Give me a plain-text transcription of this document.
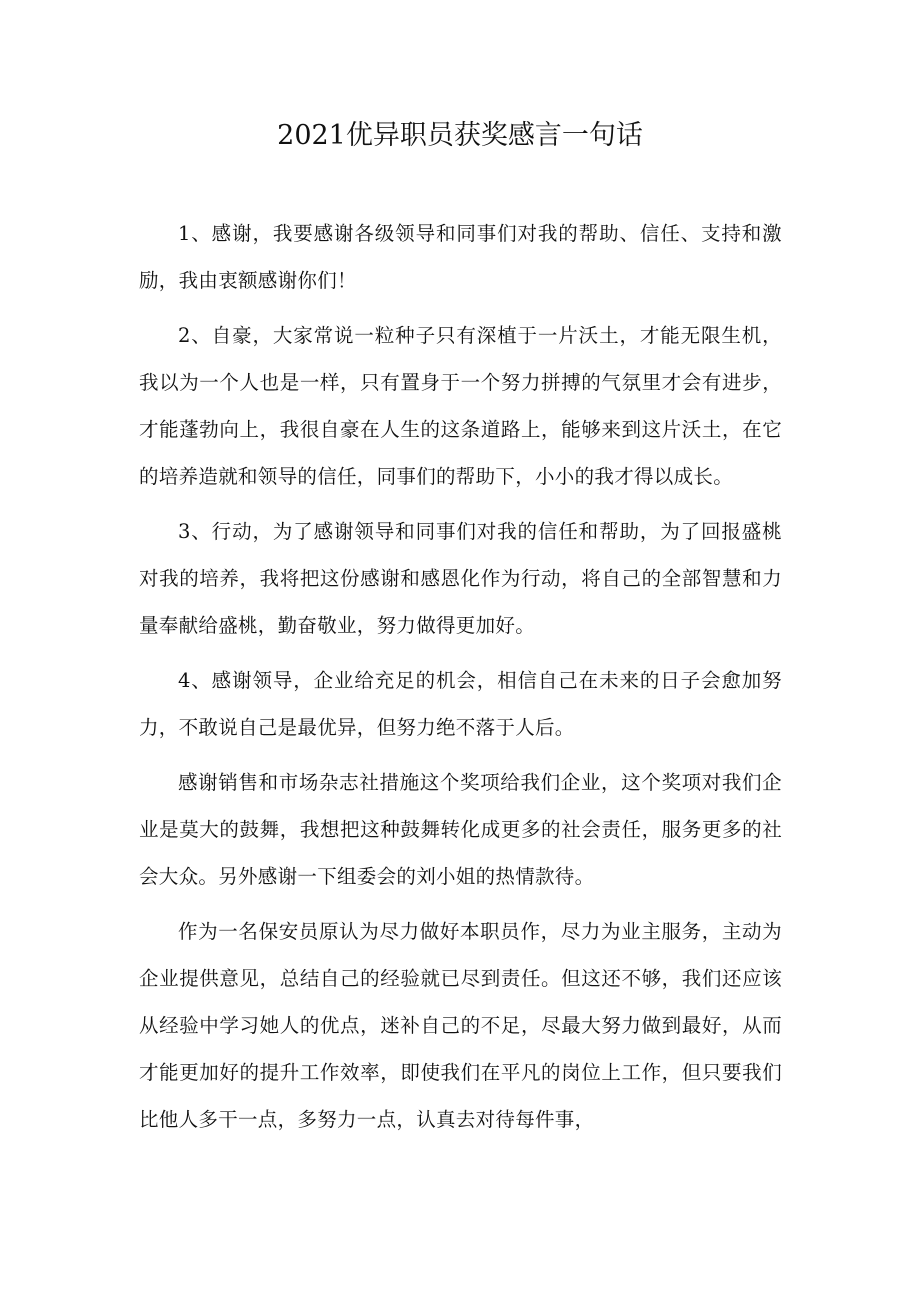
2021优异职员获奖感言一句话

1、感谢，我要感谢各级领导和同事们对我的帮助、信任、支持和激励，我由衷额感谢你们！

2、自豪，大家常说一粒种子只有深植于一片沃土，才能无限生机，我以为一个人也是一样，只有置身于一个努力拼搏的气氛里才会有进步，才能蓬勃向上，我很自豪在人生的这条道路上，能够来到这片沃土，在它的培养造就和领导的信任，同事们的帮助下，小小的我才得以成长。

3、行动，为了感谢领导和同事们对我的信任和帮助，为了回报盛桃对我的培养，我将把这份感谢和感恩化作为行动，将自己的全部智慧和力量奉献给盛桃，勤奋敬业，努力做得更加好。

4、感谢领导，企业给充足的机会，相信自己在未来的日子会愈加努力，不敢说自己是最优异，但努力绝不落于人后。

感谢销售和市场杂志社措施这个奖项给我们企业，这个奖项对我们企业是莫大的鼓舞，我想把这种鼓舞转化成更多的社会责任，服务更多的社会大众。另外感谢一下组委会的刘小姐的热情款待。

作为一名保安员原认为尽力做好本职员作，尽力为业主服务，主动为企业提供意见，总结自己的经验就已尽到责任。但这还不够，我们还应该从经验中学习她人的优点，迷补自己的不足，尽最大努力做到最好，从而才能更加好的提升工作效率，即使我们在平凡的岗位上工作，但只要我们比他人多干一点，多努力一点，认真去对待每件事，
